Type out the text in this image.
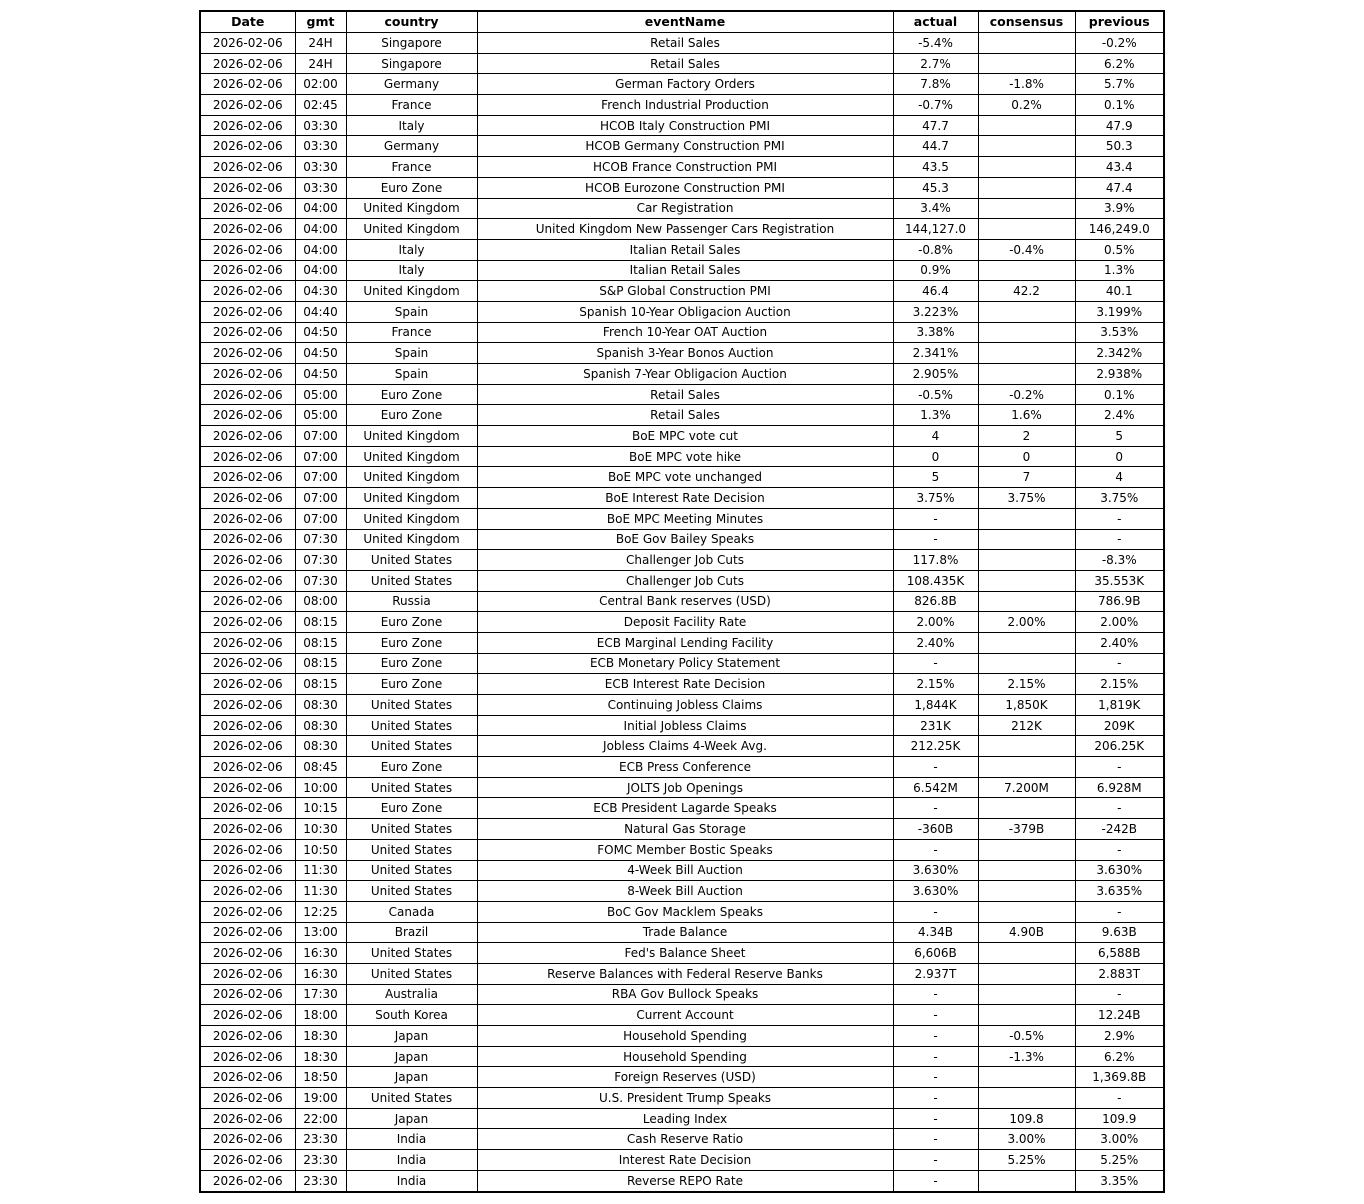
Date	gmt	country	eventName	actual	consensus	previous
2026-02-06	24H	Singapore	Retail Sales	-5.4%		-0.2%
2026-02-06	24H	Singapore	Retail Sales	2.7%		6.2%
2026-02-06	02:00	Germany	German Factory Orders	7.8%	-1.8%	5.7%
2026-02-06	02:45	France	French Industrial Production	-0.7%	0.2%	0.1%
2026-02-06	03:30	Italy	HCOB Italy Construction PMI	47.7		47.9
2026-02-06	03:30	Germany	HCOB Germany Construction PMI	44.7		50.3
2026-02-06	03:30	France	HCOB France Construction PMI	43.5		43.4
2026-02-06	03:30	Euro Zone	HCOB Eurozone Construction PMI	45.3		47.4
2026-02-06	04:00	United Kingdom	Car Registration	3.4%		3.9%
2026-02-06	04:00	United Kingdom	United Kingdom New Passenger Cars Registration	144,127.0		146,249.0
2026-02-06	04:00	Italy	Italian Retail Sales	-0.8%	-0.4%	0.5%
2026-02-06	04:00	Italy	Italian Retail Sales	0.9%		1.3%
2026-02-06	04:30	United Kingdom	S&P Global Construction PMI	46.4	42.2	40.1
2026-02-06	04:40	Spain	Spanish 10-Year Obligacion Auction	3.223%		3.199%
2026-02-06	04:50	France	French 10-Year OAT Auction	3.38%		3.53%
2026-02-06	04:50	Spain	Spanish 3-Year Bonos Auction	2.341%		2.342%
2026-02-06	04:50	Spain	Spanish 7-Year Obligacion Auction	2.905%		2.938%
2026-02-06	05:00	Euro Zone	Retail Sales	-0.5%	-0.2%	0.1%
2026-02-06	05:00	Euro Zone	Retail Sales	1.3%	1.6%	2.4%
2026-02-06	07:00	United Kingdom	BoE MPC vote cut	4	2	5
2026-02-06	07:00	United Kingdom	BoE MPC vote hike	0	0	0
2026-02-06	07:00	United Kingdom	BoE MPC vote unchanged	5	7	4
2026-02-06	07:00	United Kingdom	BoE Interest Rate Decision	3.75%	3.75%	3.75%
2026-02-06	07:00	United Kingdom	BoE MPC Meeting Minutes	-		-
2026-02-06	07:30	United Kingdom	BoE Gov Bailey Speaks	-		-
2026-02-06	07:30	United States	Challenger Job Cuts	117.8%		-8.3%
2026-02-06	07:30	United States	Challenger Job Cuts	108.435K		35.553K
2026-02-06	08:00	Russia	Central Bank reserves (USD)	826.8B		786.9B
2026-02-06	08:15	Euro Zone	Deposit Facility Rate	2.00%	2.00%	2.00%
2026-02-06	08:15	Euro Zone	ECB Marginal Lending Facility	2.40%		2.40%
2026-02-06	08:15	Euro Zone	ECB Monetary Policy Statement	-		-
2026-02-06	08:15	Euro Zone	ECB Interest Rate Decision	2.15%	2.15%	2.15%
2026-02-06	08:30	United States	Continuing Jobless Claims	1,844K	1,850K	1,819K
2026-02-06	08:30	United States	Initial Jobless Claims	231K	212K	209K
2026-02-06	08:30	United States	Jobless Claims 4-Week Avg.	212.25K		206.25K
2026-02-06	08:45	Euro Zone	ECB Press Conference	-		-
2026-02-06	10:00	United States	JOLTS Job Openings	6.542M	7.200M	6.928M
2026-02-06	10:15	Euro Zone	ECB President Lagarde Speaks	-		-
2026-02-06	10:30	United States	Natural Gas Storage	-360B	-379B	-242B
2026-02-06	10:50	United States	FOMC Member Bostic Speaks	-		-
2026-02-06	11:30	United States	4-Week Bill Auction	3.630%		3.630%
2026-02-06	11:30	United States	8-Week Bill Auction	3.630%		3.635%
2026-02-06	12:25	Canada	BoC Gov Macklem Speaks	-		-
2026-02-06	13:00	Brazil	Trade Balance	4.34B	4.90B	9.63B
2026-02-06	16:30	United States	Fed's Balance Sheet	6,606B		6,588B
2026-02-06	16:30	United States	Reserve Balances with Federal Reserve Banks	2.937T		2.883T
2026-02-06	17:30	Australia	RBA Gov Bullock Speaks	-		-
2026-02-06	18:00	South Korea	Current Account	-		12.24B
2026-02-06	18:30	Japan	Household Spending	-	-0.5%	2.9%
2026-02-06	18:30	Japan	Household Spending	-	-1.3%	6.2%
2026-02-06	18:50	Japan	Foreign Reserves (USD)	-		1,369.8B
2026-02-06	19:00	United States	U.S. President Trump Speaks	-		-
2026-02-06	22:00	Japan	Leading Index	-	109.8	109.9
2026-02-06	23:30	India	Cash Reserve Ratio	-	3.00%	3.00%
2026-02-06	23:30	India	Interest Rate Decision	-	5.25%	5.25%
2026-02-06	23:30	India	Reverse REPO Rate	-		3.35%
